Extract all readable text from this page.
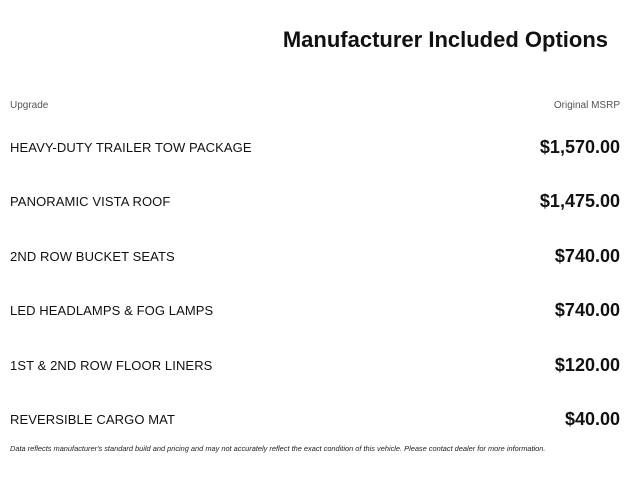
Manufacturer Included Options
Upgrade	Original MSRP
HEAVY-DUTY TRAILER TOW PACKAGE	$1,570.00
PANORAMIC VISTA ROOF	$1,475.00
2ND ROW BUCKET SEATS	$740.00
LED HEADLAMPS & FOG LAMPS	$740.00
1ST & 2ND ROW FLOOR LINERS	$120.00
REVERSIBLE CARGO MAT	$40.00
Data reflects manufacturer's standard build and pricing and may not accurately reflect the exact condition of this vehicle. Please contact dealer for more information.
